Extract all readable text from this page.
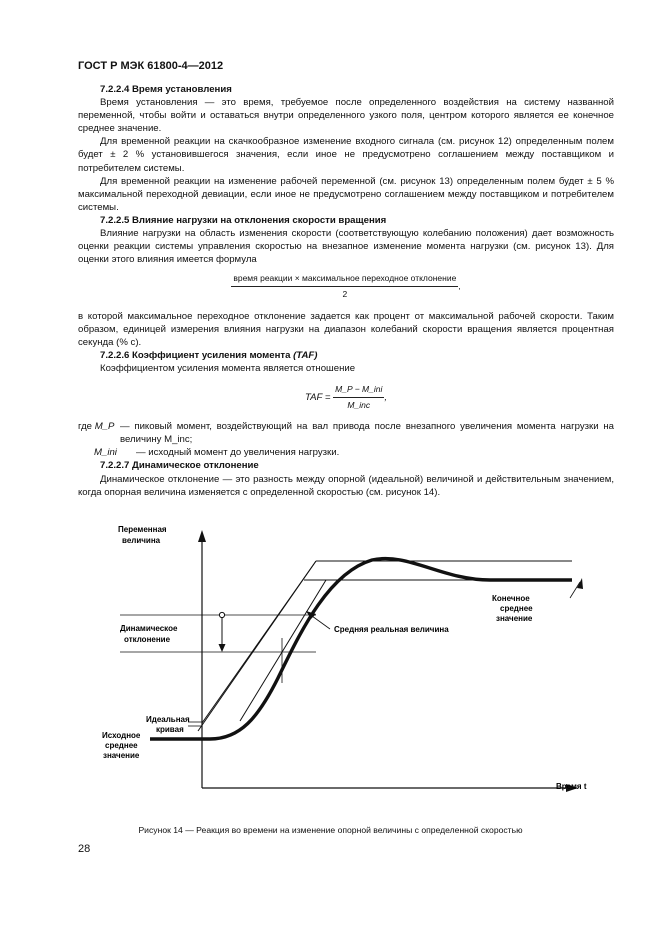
ГОСТ Р МЭК 61800-4—2012

7.2.2.4 Время установления

Время установления — это время, требуемое после определенного воздействия на систему названной переменной, чтобы войти и оставаться внутри определенного узкого поля, центром которого является ее конечное среднее значение.

Для временной реакции на скачкообразное изменение входного сигнала (см. рисунок 12) определенным полем будет ± 2 % установившегося значения, если иное не предусмотрено соглашением между поставщиком и потребителем системы.

Для временной реакции на изменение рабочей переменной (см. рисунок 13) определенным полем будет ± 5 % максимальной переходной девиации, если иное не предусмотрено соглашением между поставщиком и потребителем системы.

7.2.2.5 Влияние нагрузки на отклонения скорости вращения

Влияние нагрузки на область изменения скорости (соответствующую колебанию положения) дает возможность оценки реакции системы управления скоростью на внезапное изменение момента нагрузки (см. рисунок 13). Для оценки этого влияния имеется формула

$\frac{\text{время реакции × максимальное переходное отклонение}}{2}$ ,

в которой максимальное переходное отклонение задается как процент от максимальной рабочей скорости. Таким образом, единицей измерения влияния нагрузки на диапазон колебаний скорости вращения является процентная секунда (% с).

7.2.2.6 Коэффициент усиления момента (TAF)

Коэффициентом усиления момента является отношение

TAF = $\frac{\text{M\_P − M\_ini}}{\text{M\_inc}}$ ,
где M_P — пиковый момент, воздействующий на вал привода после внезапного увеличения момента нагрузки на величину M_inc;
M_ini	— исходный момент до увеличения нагрузки.

7.2.2.7 Динамическое отклонение

Динамическое отклонение — это разность между опорной (идеальной) величиной и действительным значением, когда опорная величина изменяется с определенной скоростью (см. рисунок 14).

Переменная величина
Время t
Динамическое отклонение
Средняя реальная величина
Конечное среднее значение
Идеальная кривая
Исходное среднее значение
Рисунок 14 — Реакция во времени на изменение опорной величины с определенной скоростью
28
